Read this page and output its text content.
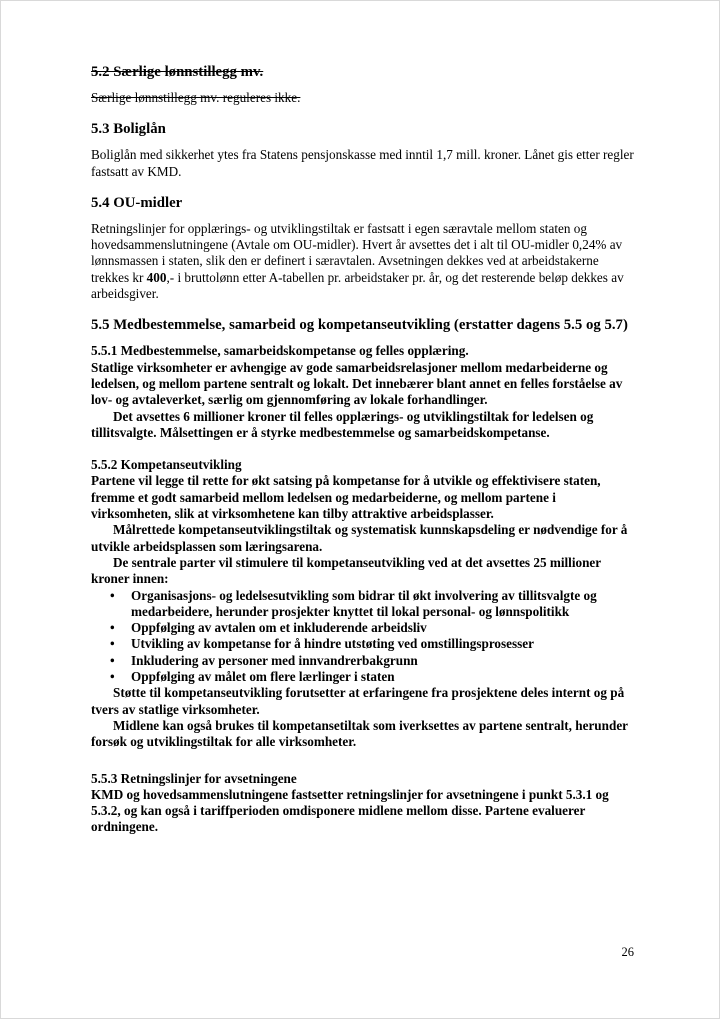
5.2 Særlige lønnstillegg mv.

Særlige lønnstillegg mv. reguleres ikke.

5.3 Boliglån

Boliglån med sikkerhet ytes fra Statens pensjonskasse med inntil 1,7 mill. kroner. Lånet gis etter regler fastsatt av KMD.

5.4 OU-midler

Retningslinjer for opplærings- og utviklingstiltak er fastsatt i egen særavtale mellom staten og hovedsammenslutningene (Avtale om OU-midler). Hvert år avsettes det i alt til OU-midler 0,24% av lønnsmassen i staten, slik den er definert i særavtalen. Avsetningen dekkes ved at arbeidstakerne trekkes kr 400,- i bruttolønn etter A-tabellen pr. arbeidstaker pr. år, og det resterende beløp dekkes av arbeidsgiver.

5.5 Medbestemmelse, samarbeid og kompetanseutvikling (erstatter dagens 5.5 og 5.7)
5.5.1 Medbestemmelse, samarbeidskompetanse og felles opplæring.

Statlige virksomheter er avhengige av gode samarbeidsrelasjoner mellom medarbeiderne og ledelsen, og mellom partene sentralt og lokalt. Det innebærer blant annet en felles forståelse av lov- og avtaleverket, særlig om gjennomføring av lokale forhandlinger.

Det avsettes 6 millioner kroner til felles opplærings- og utviklingstiltak for ledelsen og tillitsvalgte. Målsettingen er å styrke medbestemmelse og samarbeidskompetanse.

5.5.2 Kompetanseutvikling

Partene vil legge til rette for økt satsing på kompetanse for å utvikle og effektivisere staten, fremme et godt samarbeid mellom ledelsen og medarbeiderne, og mellom partene i virksomheten, slik at virksomhetene kan tilby attraktive arbeidsplasser.

Målrettede kompetanseutviklingstiltak og systematisk kunnskapsdeling er nødvendige for å utvikle arbeidsplassen som læringsarena.

De sentrale parter vil stimulere til kompetanseutvikling ved at det avsettes 25 millioner kroner innen:

• Organisasjons- og ledelsesutvikling som bidrar til økt involvering av tillitsvalgte og medarbeidere, herunder prosjekter knyttet til lokal personal- og lønnspolitikk
• Oppfølging av avtalen om et inkluderende arbeidsliv
• Utvikling av kompetanse for å hindre utstøting ved omstillingsprosesser
• Inkludering av personer med innvandrerbakgrunn
• Oppfølging av målet om flere lærlinger i staten

Støtte til kompetanseutvikling forutsetter at erfaringene fra prosjektene deles internt og på tvers av statlige virksomheter.

Midlene kan også brukes til kompetansetiltak som iverksettes av partene sentralt, herunder forsøk og utviklingstiltak for alle virksomheter.

5.5.3 Retningslinjer for avsetningene

KMD og hovedsammenslutningene fastsetter retningslinjer for avsetningene i punkt 5.3.1 og 5.3.2, og kan også i tariffperioden omdisponere midlene mellom disse. Partene evaluerer ordningene.

26
